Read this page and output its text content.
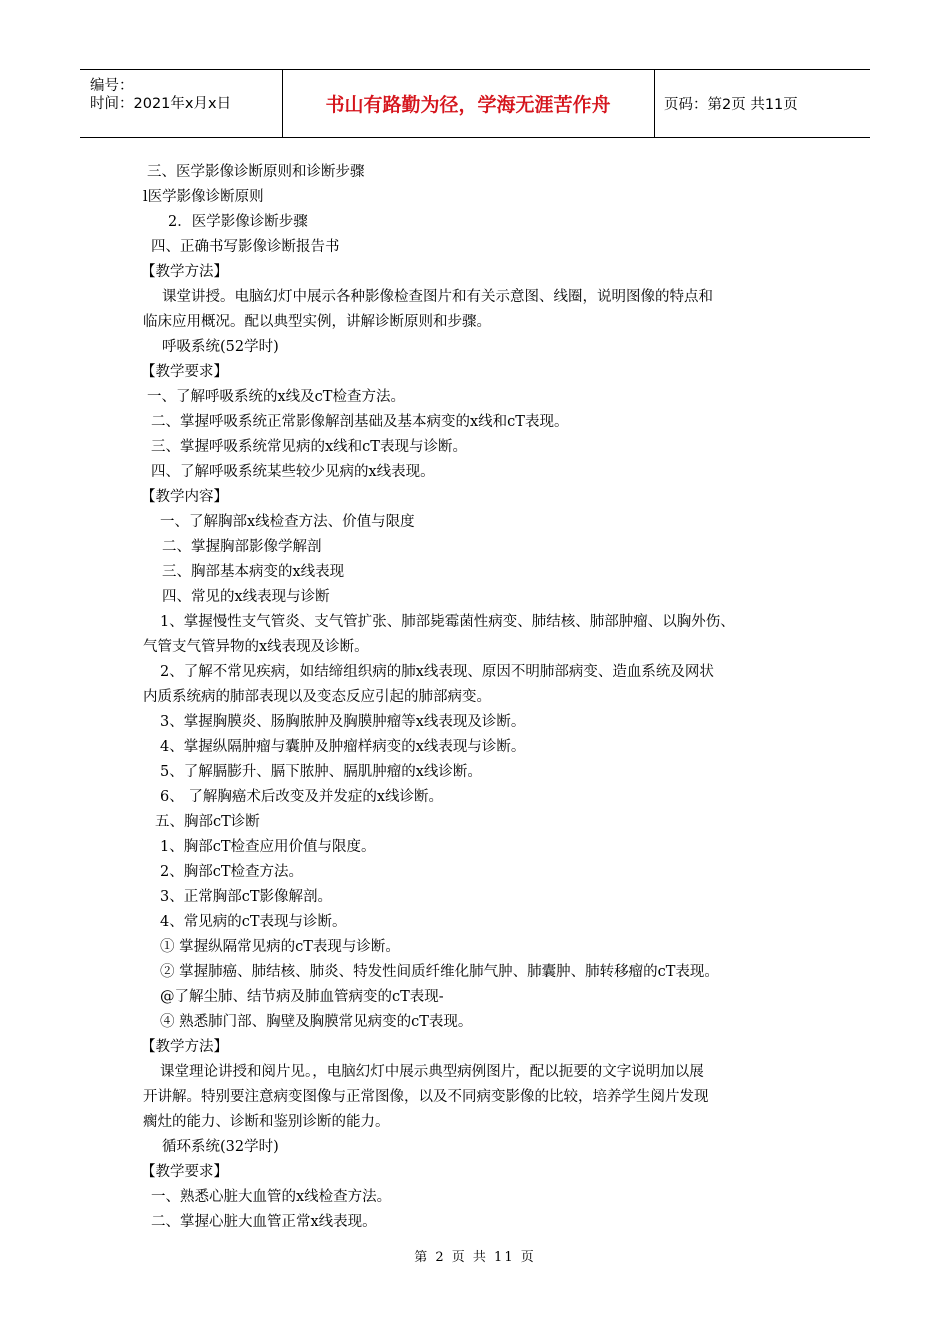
编号：
时间：2021年x月x日	书山有路勤为径，学海无涯苦作舟	页码：第2页 共11页
三、医学影像诊断原则和诊断步骤
l医学影像诊断原则
2．医学影像诊断步骤
四、正确书写影像诊断报告书
【教学方法】
课堂讲授。电脑幻灯中展示各种影像检查图片和有关示意图、线圈，说明图像的特点和
临床应用概况。配以典型实例，讲解诊断原则和步骤。
呼吸系统(52学时)
【教学要求】
一、了解呼吸系统的x线及cT检查方法。
二、掌握呼吸系统正常影像解剖基础及基本病变的x线和cT表现。
三、掌握呼吸系统常见病的x线和cT表现与诊断。
四、了解呼吸系统某些较少见病的x线表现。
【教学内容】
一、了解胸部x线检查方法、价值与限度
二、掌握胸部影像学解剖
三、胸部基本病变的x线表现
四、常见的x线表现与诊断
1、掌握慢性支气管炎、支气管扩张、肺部毙霉菌性病变、肺结核、肺部肿瘤、以胸外伤、
气管支气管异物的x线表现及诊断。
2、了解不常见疾病，如结缔组织病的肺x线表现、原因不明肺部病变、造血系统及网状
内质系统病的肺部表现以及变态反应引起的肺部病变。
3、掌握胸膜炎、肠胸脓肿及胸膜肿瘤等x线表现及诊断。
4、掌握纵隔肿瘤与囊肿及肿瘤样病变的x线表现与诊断。
5、了解膈膨升、膈下脓肿、膈肌肿瘤的x线诊断。
6、 了解胸癌术后改变及并发症的x线诊断。
五、胸部cT诊断
1、胸部cT检查应用价值与限度。
2、胸部cT检查方法。
3、正常胸部cT影像解剖。
4、常见病的cT表现与诊断。
① 掌握纵隔常见病的cT表现与诊断。
② 掌握肺癌、肺结核、肺炎、特发性间质纤维化肺气肿、肺囊肿、肺转移瘤的cT表现。
@了解尘肺、结节病及肺血管病变的cT表现-
④ 熟悉肺门部、胸壁及胸膜常见病变的cT表现。
【教学方法】
课堂理论讲授和阅片见。，电脑幻灯中展示典型病例图片，配以扼要的文字说明加以展
开讲解。特别要注意病变图像与正常图像，以及不同病变影像的比较，培养学生阅片发现
瘸灶的能力、诊断和鉴别诊断的能力。
循环系统(32学时)
【教学要求】
一、熟悉心脏大血管的x线检查方法。
二、掌握心脏大血管正常x线表现。
第 2 页 共 11 页
